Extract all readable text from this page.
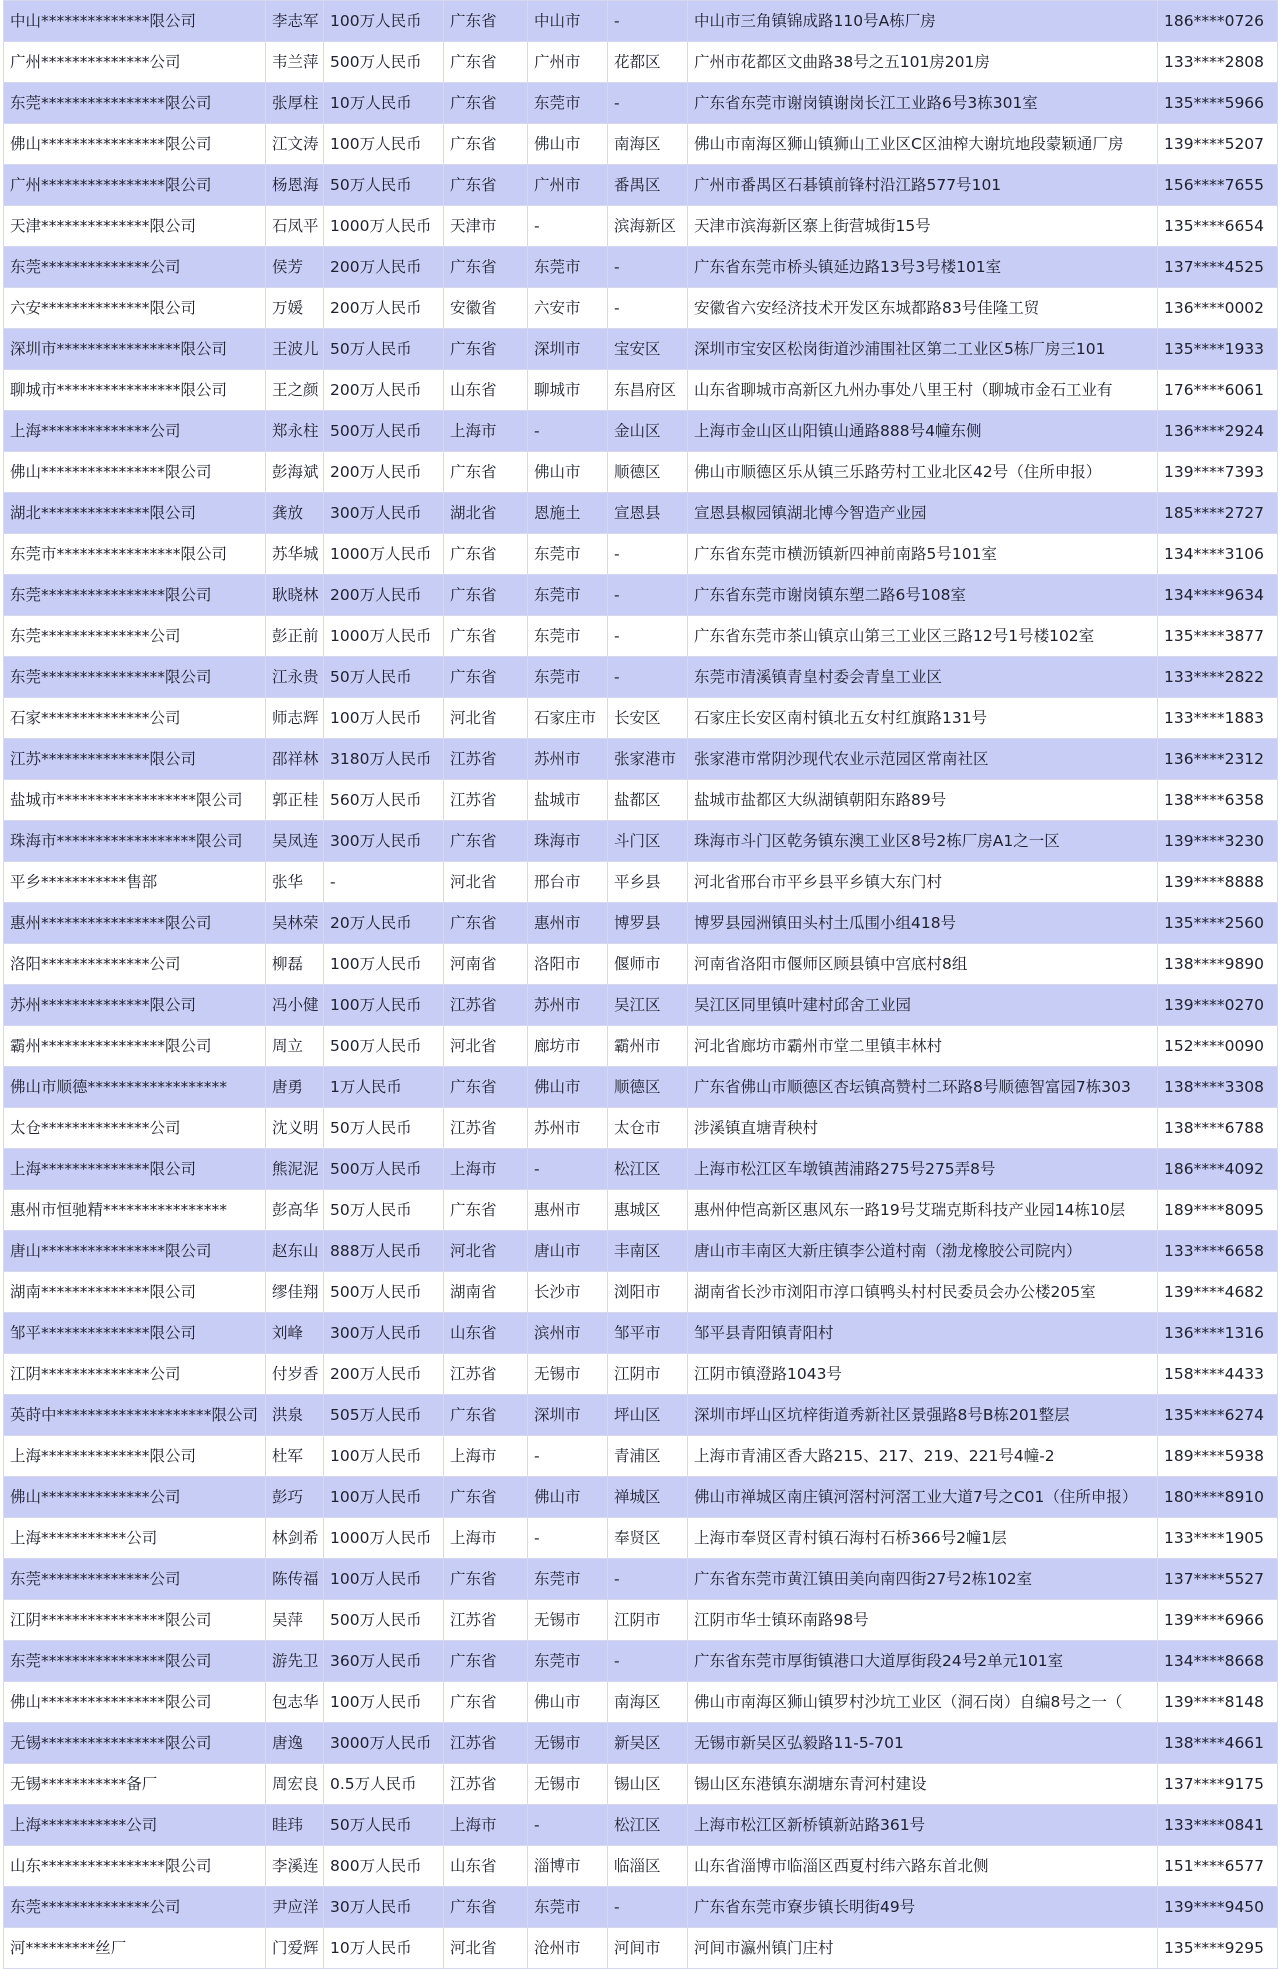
中山**************限公司	李志军	100万人民币	广东省	中山市	-	中山市三角镇锦成路110号A栋厂房	186****0726
广州**************公司	韦兰萍	500万人民币	广东省	广州市	花都区	广州市花都区文曲路38号之五101房201房	133****2808
东莞****************限公司	张厚柱	10万人民币	广东省	东莞市	-	广东省东莞市谢岗镇谢岗长江工业路6号3栋301室	135****5966
佛山****************限公司	江文涛	100万人民币	广东省	佛山市	南海区	佛山市南海区狮山镇狮山工业区C区油榨大谢坑地段蒙颖通厂房	139****5207
广州****************限公司	杨恩海	50万人民币	广东省	广州市	番禺区	广州市番禺区石碁镇前锋村沿江路577号101	156****7655
天津**************限公司	石凤平	1000万人民币	天津市	-	滨海新区	天津市滨海新区寨上街营城街15号	135****6654
东莞**************公司	侯芳	200万人民币	广东省	东莞市	-	广东省东莞市桥头镇延边路13号3号楼101室	137****4525
六安**************限公司	万媛	200万人民币	安徽省	六安市	-	安徽省六安经济技术开发区东城都路83号佳隆工贸	136****0002
深圳市****************限公司	王波儿	50万人民币	广东省	深圳市	宝安区	深圳市宝安区松岗街道沙浦围社区第二工业区5栋厂房三101	135****1933
聊城市****************限公司	王之颜	200万人民币	山东省	聊城市	东昌府区	山东省聊城市高新区九州办事处八里王村（聊城市金石工业有	176****6061
上海**************公司	郑永柱	500万人民币	上海市	-	金山区	上海市金山区山阳镇山通路888号4幢东侧	136****2924
佛山****************限公司	彭海斌	200万人民币	广东省	佛山市	顺德区	佛山市顺德区乐从镇三乐路劳村工业北区42号（住所申报）	139****7393
湖北**************限公司	龚放	300万人民币	湖北省	恩施土	宣恩县	宣恩县椒园镇湖北博今智造产业园	185****2727
东莞市****************限公司	苏华城	1000万人民币	广东省	东莞市	-	广东省东莞市横沥镇新四神前南路5号101室	134****3106
东莞****************限公司	耿晓林	200万人民币	广东省	东莞市	-	广东省东莞市谢岗镇东塑二路6号108室	134****9634
东莞**************公司	彭正前	1000万人民币	广东省	东莞市	-	广东省东莞市茶山镇京山第三工业区三路12号1号楼102室	135****3877
东莞****************限公司	江永贵	50万人民币	广东省	东莞市	-	东莞市清溪镇青皇村委会青皇工业区	133****2822
石家**************公司	师志辉	100万人民币	河北省	石家庄市	长安区	石家庄长安区南村镇北五女村红旗路131号	133****1883
江苏**************限公司	邵祥林	3180万人民币	江苏省	苏州市	张家港市	张家港市常阴沙现代农业示范园区常南社区	136****2312
盐城市******************限公司	郭正桂	560万人民币	江苏省	盐城市	盐都区	盐城市盐都区大纵湖镇朝阳东路89号	138****6358
珠海市******************限公司	吴凤连	300万人民币	广东省	珠海市	斗门区	珠海市斗门区乾务镇东澳工业区8号2栋厂房A1之一区	139****3230
平乡***********售部	张华	-	河北省	邢台市	平乡县	河北省邢台市平乡县平乡镇大东门村	139****8888
惠州****************限公司	吴林荣	20万人民币	广东省	惠州市	博罗县	博罗县园洲镇田头村土瓜围小组418号	135****2560
洛阳**************公司	柳磊	100万人民币	河南省	洛阳市	偃师市	河南省洛阳市偃师区顾县镇中宫底村8组	138****9890
苏州**************限公司	冯小健	100万人民币	江苏省	苏州市	吴江区	吴江区同里镇叶建村邱舍工业园	139****0270
霸州****************限公司	周立	500万人民币	河北省	廊坊市	霸州市	河北省廊坊市霸州市堂二里镇丰林村	152****0090
佛山市顺德******************	唐勇	1万人民币	广东省	佛山市	顺德区	广东省佛山市顺德区杏坛镇高赞村二环路8号顺德智富园7栋303	138****3308
太仓**************公司	沈义明	50万人民币	江苏省	苏州市	太仓市	涉溪镇直塘青秧村	138****6788
上海**************限公司	熊泥泥	500万人民币	上海市	-	松江区	上海市松江区车墩镇茜浦路275号275弄8号	186****4092
惠州市恒驰精****************	彭高华	50万人民币	广东省	惠州市	惠城区	惠州仲恺高新区惠风东一路19号艾瑞克斯科技产业园14栋10层	189****8095
唐山****************限公司	赵东山	888万人民币	河北省	唐山市	丰南区	唐山市丰南区大新庄镇李公道村南（渤龙橡胶公司院内）	133****6658
湖南**************限公司	缪佳翔	500万人民币	湖南省	长沙市	浏阳市	湖南省长沙市浏阳市淳口镇鸭头村村民委员会办公楼205室	139****4682
邹平**************限公司	刘峰	300万人民币	山东省	滨州市	邹平市	邹平县青阳镇青阳村	136****1316
江阴**************公司	付岁香	200万人民币	江苏省	无锡市	江阴市	江阴市镇澄路1043号	158****4433
英莳中********************限公司	洪泉	505万人民币	广东省	深圳市	坪山区	深圳市坪山区坑梓街道秀新社区景强路8号B栋201整层	135****6274
上海**************限公司	杜军	100万人民币	上海市	-	青浦区	上海市青浦区香大路215、217、219、221号4幢-2	189****5938
佛山**************公司	彭巧	100万人民币	广东省	佛山市	禅城区	佛山市禅城区南庄镇河滘村河滘工业大道7号之C01（住所申报）	180****8910
上海***********公司	林剑希	1000万人民币	上海市	-	奉贤区	上海市奉贤区青村镇石海村石桥366号2幢1层	133****1905
东莞**************公司	陈传福	100万人民币	广东省	东莞市	-	广东省东莞市黄江镇田美向南四街27号2栋102室	137****5527
江阴****************限公司	吴萍	500万人民币	江苏省	无锡市	江阴市	江阴市华士镇环南路98号	139****6966
东莞****************限公司	游先卫	360万人民币	广东省	东莞市	-	广东省东莞市厚街镇港口大道厚街段24号2单元101室	134****8668
佛山****************限公司	包志华	100万人民币	广东省	佛山市	南海区	佛山市南海区狮山镇罗村沙坑工业区（洞石岗）自编8号之一（	139****8148
无锡****************限公司	唐逸	3000万人民币	江苏省	无锡市	新吴区	无锡市新吴区弘毅路11-5-701	138****4661
无锡***********备厂	周宏良	0.5万人民币	江苏省	无锡市	锡山区	锡山区东港镇东湖塘东青河村建设	137****9175
上海***********公司	眭玮	50万人民币	上海市	-	松江区	上海市松江区新桥镇新站路361号	133****0841
山东****************限公司	李溪连	800万人民币	山东省	淄博市	临淄区	山东省淄博市临淄区西夏村纬六路东首北侧	151****6577
东莞**************公司	尹应洋	30万人民币	广东省	东莞市	-	广东省东莞市寮步镇长明街49号	139****9450
河*********丝厂	门爱辉	10万人民币	河北省	沧州市	河间市	河间市瀛州镇门庄村	135****9295
